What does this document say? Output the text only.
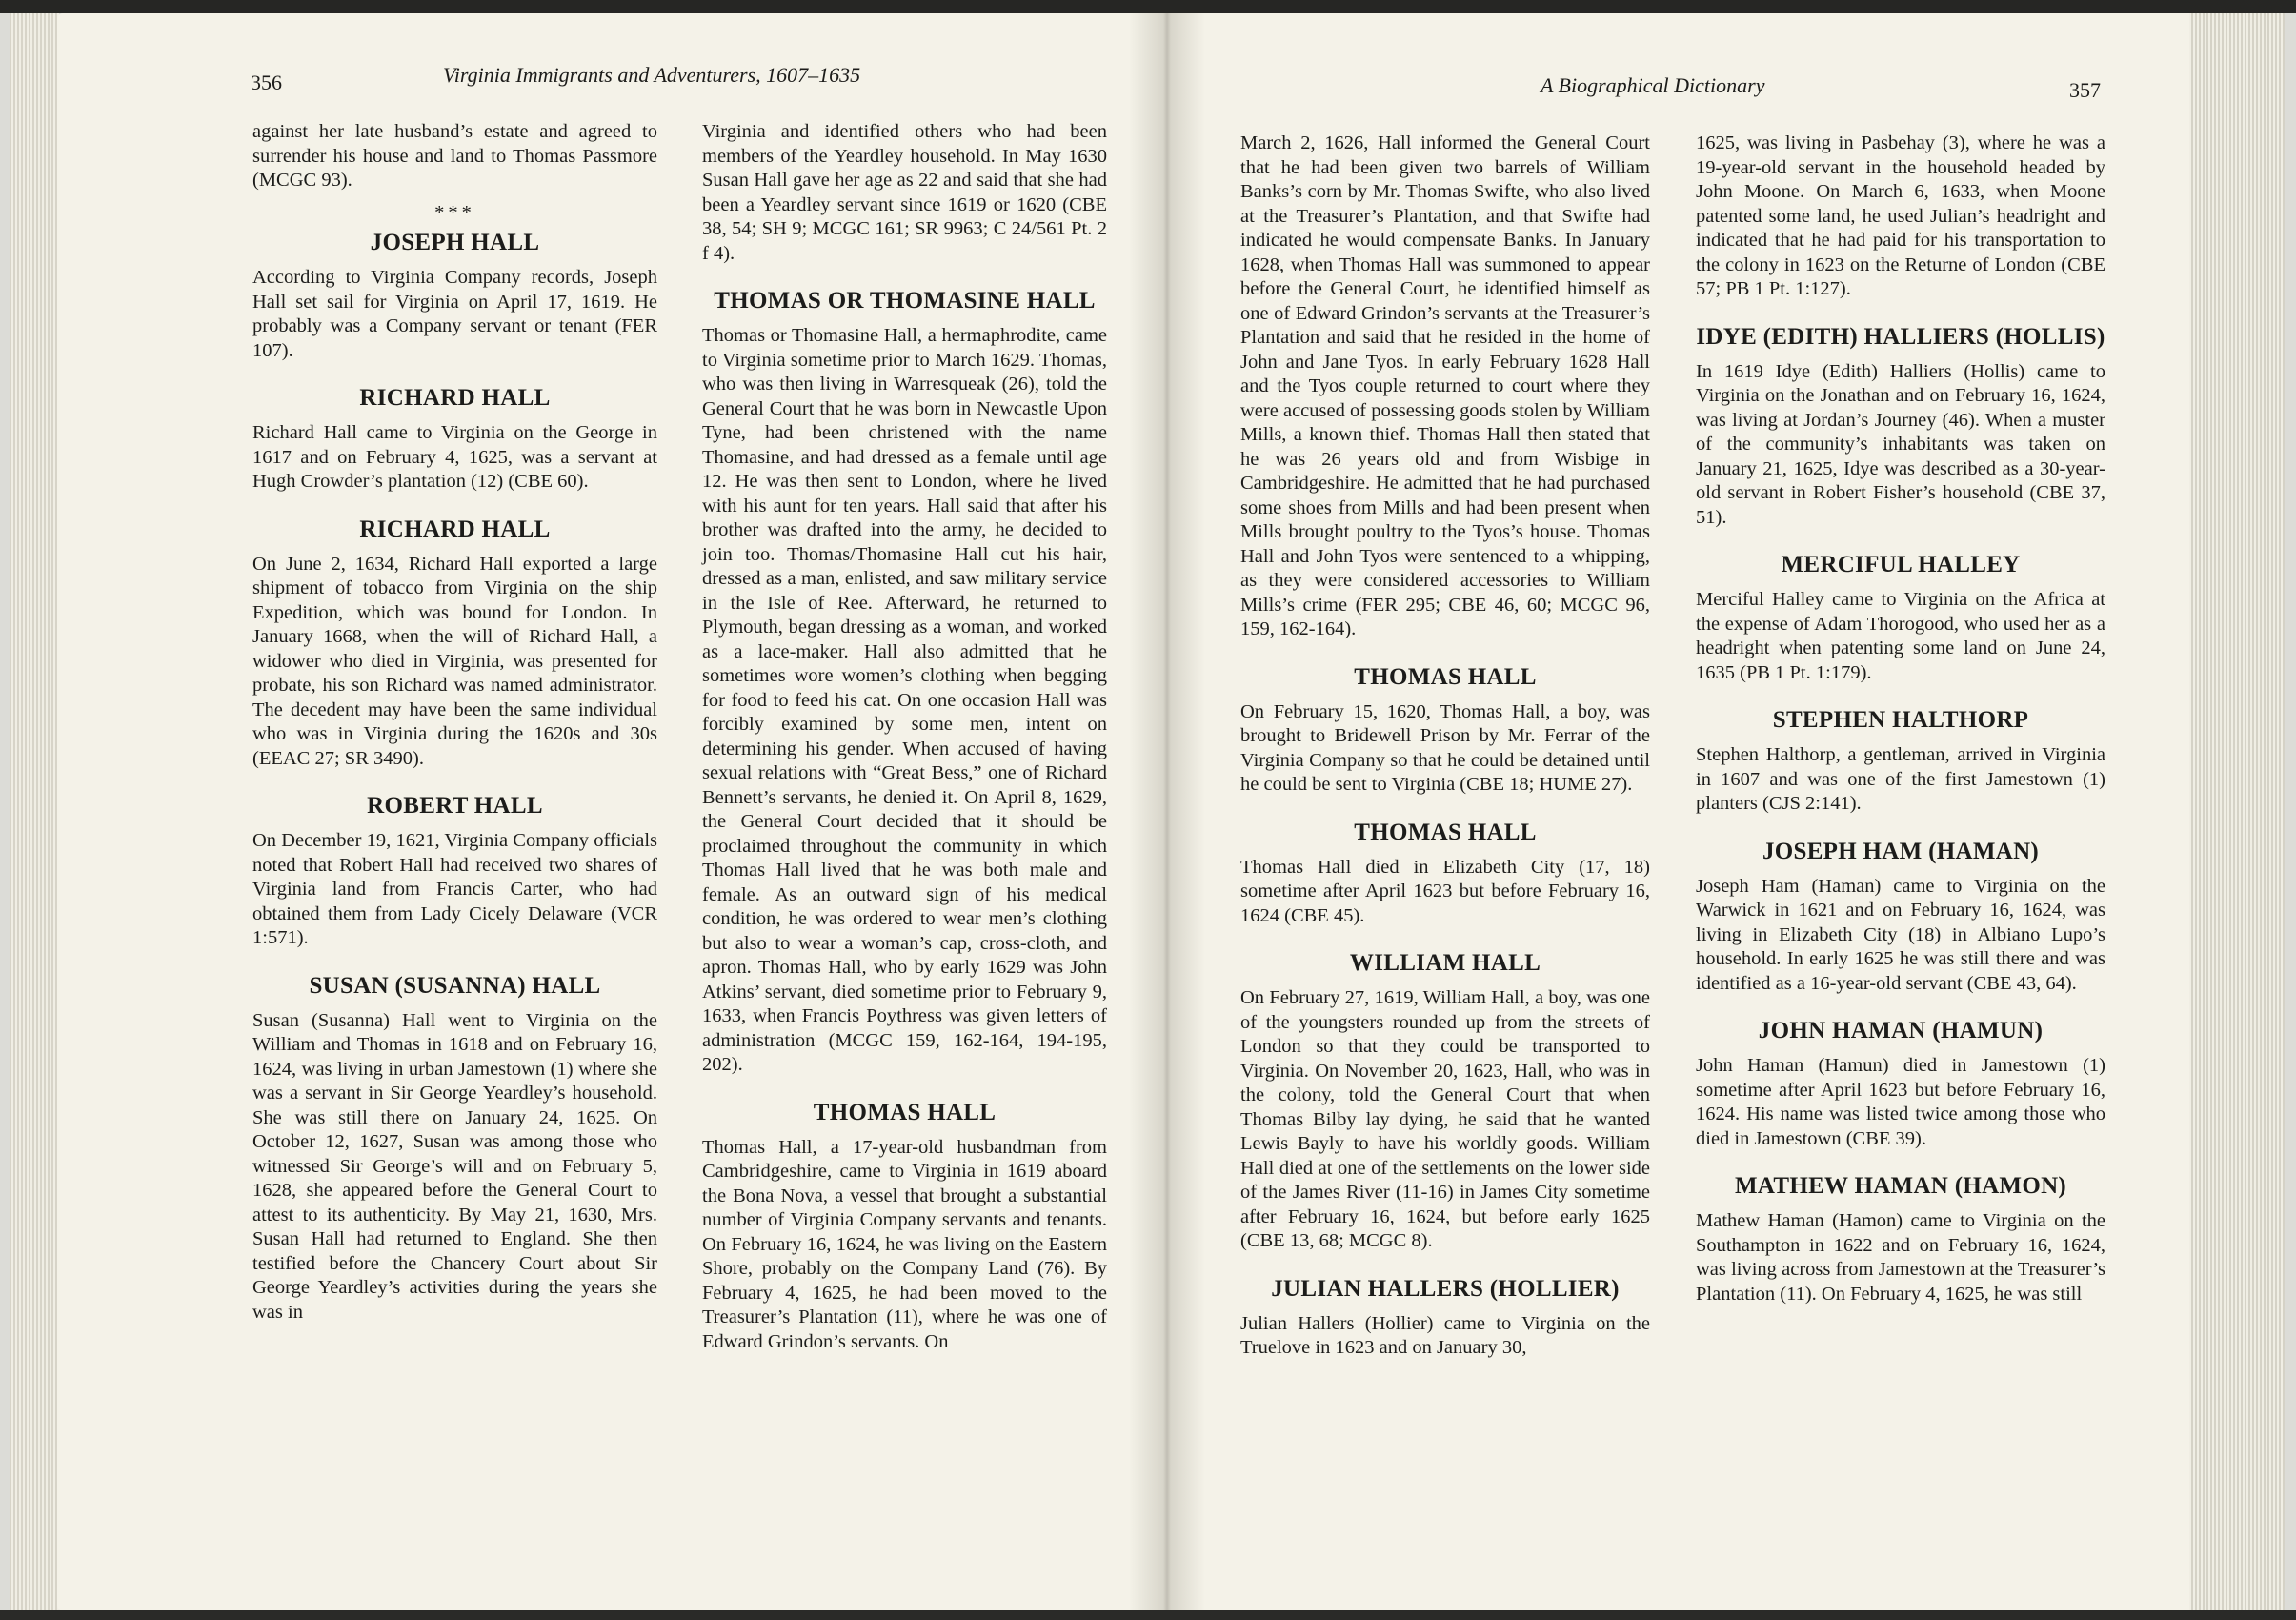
356	Virginia Immigrants and Adventurers, 1607–1635	A Biographical Dictionary	357

against her late husband’s estate and agreed to surrender his house and land to Thomas Passmore (MCGC 93).

***
JOSEPH HALL

According to Virginia Company records, Joseph Hall set sail for Virginia on April 17, 1619. He probably was a Company servant or tenant (FER 107).

RICHARD HALL

Richard Hall came to Virginia on the George in 1617 and on February 4, 1625, was a servant at Hugh Crowder’s plantation (12) (CBE 60).

RICHARD HALL

On June 2, 1634, Richard Hall exported a large shipment of tobacco from Virginia on the ship Expedition, which was bound for London. In January 1668, when the will of Richard Hall, a widower who died in Virginia, was presented for probate, his son Richard was named administrator. The decedent may have been the same individual who was in Virginia during the 1620s and 30s (EEAC 27; SR 3490).

ROBERT HALL

On December 19, 1621, Virginia Company officials noted that Robert Hall had received two shares of Virginia land from Francis Carter, who had obtained them from Lady Cicely Delaware (VCR 1:571).

SUSAN (SUSANNA) HALL

Susan (Susanna) Hall went to Virginia on the William and Thomas in 1618 and on February 16, 1624, was living in urban Jamestown (1) where she was a servant in Sir George Yeardley’s household. She was still there on January 24, 1625. On October 12, 1627, Susan was among those who witnessed Sir George’s will and on February 5, 1628, she appeared before the General Court to attest to its authenticity. By May 21, 1630, Mrs. Susan Hall had returned to England. She then testified before the Chancery Court about Sir George Yeardley’s activities during the years she was in

Virginia and identified others who had been members of the Yeardley household. In May 1630 Susan Hall gave her age as 22 and said that she had been a Yeardley servant since 1619 or 1620 (CBE 38, 54; SH 9; MCGC 161; SR 9963; C 24/561 Pt. 2 f 4).

THOMAS OR THOMASINE HALL

Thomas or Thomasine Hall, a hermaphrodite, came to Virginia sometime prior to March 1629. Thomas, who was then living in Warresqueak (26), told the General Court that he was born in Newcastle Upon Tyne, had been christened with the name Thomasine, and had dressed as a female until age 12. He was then sent to London, where he lived with his aunt for ten years. Hall said that after his brother was drafted into the army, he decided to join too. Thomas/Thomasine Hall cut his hair, dressed as a man, enlisted, and saw military service in the Isle of Ree. Afterward, he returned to Plymouth, began dressing as a woman, and worked as a lace-maker. Hall also admitted that he sometimes wore women’s clothing when begging for food to feed his cat. On one occasion Hall was forcibly examined by some men, intent on determining his gender. When accused of having sexual relations with “Great Bess,” one of Richard Bennett’s servants, he denied it. On April 8, 1629, the General Court decided that it should be proclaimed throughout the community in which Thomas Hall lived that he was both male and female. As an outward sign of his medical condition, he was ordered to wear men’s clothing but also to wear a woman’s cap, cross-cloth, and apron. Thomas Hall, who by early 1629 was John Atkins’ servant, died sometime prior to February 9, 1633, when Francis Poythress was given letters of administration (MCGC 159, 162-164, 194-195, 202).

THOMAS HALL

Thomas Hall, a 17-year-old husbandman from Cambridgeshire, came to Virginia in 1619 aboard the Bona Nova, a vessel that brought a substantial number of Virginia Company servants and tenants. On February 16, 1624, he was living on the Eastern Shore, probably on the Company Land (76). By February 4, 1625, he had been moved to the Treasurer’s Plantation (11), where he was one of Edward Grindon’s servants. On

March 2, 1626, Hall informed the General Court that he had been given two barrels of William Banks’s corn by Mr. Thomas Swifte, who also lived at the Treasurer’s Plantation, and that Swifte had indicated he would compensate Banks. In January 1628, when Thomas Hall was summoned to appear before the General Court, he identified himself as one of Edward Grindon’s servants at the Treasurer’s Plantation and said that he resided in the home of John and Jane Tyos. In early February 1628 Hall and the Tyos couple returned to court where they were accused of possessing goods stolen by William Mills, a known thief. Thomas Hall then stated that he was 26 years old and from Wisbige in Cambridgeshire. He admitted that he had purchased some shoes from Mills and had been present when Mills brought poultry to the Tyos’s house. Thomas Hall and John Tyos were sentenced to a whipping, as they were considered accessories to William Mills’s crime (FER 295; CBE 46, 60; MCGC 96, 159, 162-164).

THOMAS HALL

On February 15, 1620, Thomas Hall, a boy, was brought to Bridewell Prison by Mr. Ferrar of the Virginia Company so that he could be detained until he could be sent to Virginia (CBE 18; HUME 27).

THOMAS HALL

Thomas Hall died in Elizabeth City (17, 18) sometime after April 1623 but before February 16, 1624 (CBE 45).

WILLIAM HALL

On February 27, 1619, William Hall, a boy, was one of the youngsters rounded up from the streets of London so that they could be transported to Virginia. On November 20, 1623, Hall, who was in the colony, told the General Court that when Thomas Bilby lay dying, he said that he wanted Lewis Bayly to have his worldly goods. William Hall died at one of the settlements on the lower side of the James River (11-16) in James City sometime after February 16, 1624, but before early 1625 (CBE 13, 68; MCGC 8).

JULIAN HALLERS (HOLLIER)

Julian Hallers (Hollier) came to Virginia on the Truelove in 1623 and on January 30,

1625, was living in Pasbehay (3), where he was a 19-year-old servant in the household headed by John Moone. On March 6, 1633, when Moone patented some land, he used Julian’s headright and indicated that he had paid for his transportation to the colony in 1623 on the Returne of London (CBE 57; PB 1 Pt. 1:127).

IDYE (EDITH) HALLIERS (HOLLIS)

In 1619 Idye (Edith) Halliers (Hollis) came to Virginia on the Jonathan and on February 16, 1624, was living at Jordan’s Journey (46). When a muster of the community’s inhabitants was taken on January 21, 1625, Idye was described as a 30-year-old servant in Robert Fisher’s household (CBE 37, 51).

MERCIFUL HALLEY

Merciful Halley came to Virginia on the Africa at the expense of Adam Thorogood, who used her as a headright when patenting some land on June 24, 1635 (PB 1 Pt. 1:179).

STEPHEN HALTHORP

Stephen Halthorp, a gentleman, arrived in Virginia in 1607 and was one of the first Jamestown (1) planters (CJS 2:141).

JOSEPH HAM (HAMAN)

Joseph Ham (Haman) came to Virginia on the Warwick in 1621 and on February 16, 1624, was living in Elizabeth City (18) in Albiano Lupo’s household. In early 1625 he was still there and was identified as a 16-year-old servant (CBE 43, 64).

JOHN HAMAN (HAMUN)

John Haman (Hamun) died in Jamestown (1) sometime after April 1623 but before February 16, 1624. His name was listed twice among those who died in Jamestown (CBE 39).

MATHEW HAMAN (HAMON)

Mathew Haman (Hamon) came to Virginia on the Southampton in 1622 and on February 16, 1624, was living across from Jamestown at the Treasurer’s Plantation (11). On February 4, 1625, he was still
